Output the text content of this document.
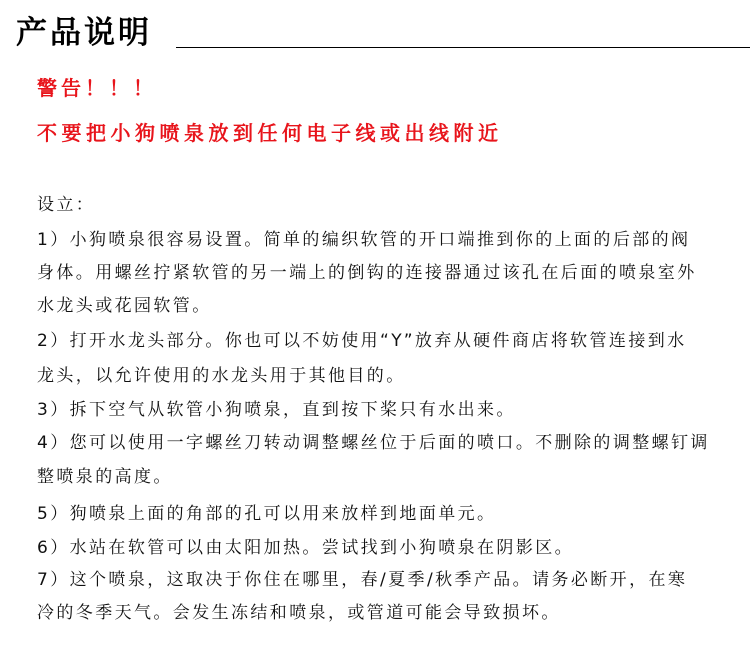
产品说明
警告！！！
不要把小狗喷泉放到任何电子线或出线附近
设立：
1）小狗喷泉很容易设置。简单的编织软管的开口端推到你的上面的后部的阀
身体。用螺丝拧紧软管的另一端上的倒钩的连接器通过该孔在后面的喷泉室外
水龙头或花园软管。
2）打开水龙头部分。你也可以不妨使用“Y”放弃从硬件商店将软管连接到水
龙头，以允许使用的水龙头用于其他目的。
3）拆下空气从软管小狗喷泉，直到按下桨只有水出来。
4）您可以使用一字螺丝刀转动调整螺丝位于后面的喷口。不删除的调整螺钉调
整喷泉的高度。
5）狗喷泉上面的角部的孔可以用来放样到地面单元。
6）水站在软管可以由太阳加热。尝试找到小狗喷泉在阴影区。
7）这个喷泉，这取决于你住在哪里，春/夏季/秋季产品。请务必断开，在寒
冷的冬季天气。会发生冻结和喷泉，或管道可能会导致损坏。
